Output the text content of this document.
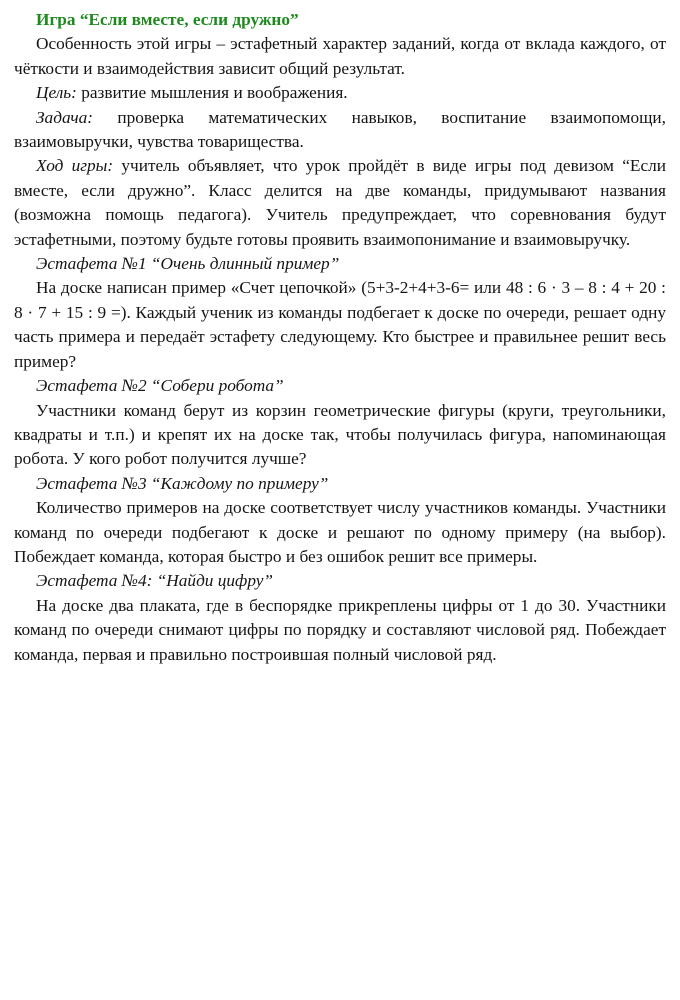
Игра “Если вместе, если дружно”

Особенность этой игры – эстафетный характер заданий, когда от вклада каждого, от чёткости и взаимодействия зависит общий результат.

Цель: развитие мышления и воображения.

Задача: проверка математических навыков, воспитание взаимопомощи, взаимовыручки, чувства товарищества.

Ход игры: учитель объявляет, что урок пройдёт в виде игры под девизом “Если вместе, если дружно”. Класс делится на две команды, придумывают названия (возможна помощь педагога). Учитель предупреждает, что соревнования будут эстафетными, поэтому будьте готовы проявить взаимопонимание и взаимовыручку.

Эстафета №1 “Очень длинный пример”

На доске написан пример «Счет цепочкой» (5+3-2+4+3-6= или 48 : 6 · 3 – 8 : 4 + 20 : 8 · 7 + 15 : 9 =). Каждый ученик из команды подбегает к доске по очереди, решает одну часть примера и передаёт эстафету следующему. Кто быстрее и правильнее решит весь пример?

Эстафета №2 “Собери робота”

Участники команд берут из корзин геометрические фигуры (круги, треугольники, квадраты и т.п.) и крепят их на доске так, чтобы получилась фигура, напоминающая робота. У кого робот получится лучше?

Эстафета №3 “Каждому по примеру”

Количество примеров на доске соответствует числу участников команды. Участники команд по очереди подбегают к доске и решают по одному примеру (на выбор). Побеждает команда, которая быстро и без ошибок решит все примеры.

Эстафета №4: “Найди цифру”

На доске два плаката, где в беспорядке прикреплены цифры от 1 до 30. Участники команд по очереди снимают цифры по порядку и составляют числовой ряд. Побеждает команда, первая и правильно построившая полный числовой ряд.
